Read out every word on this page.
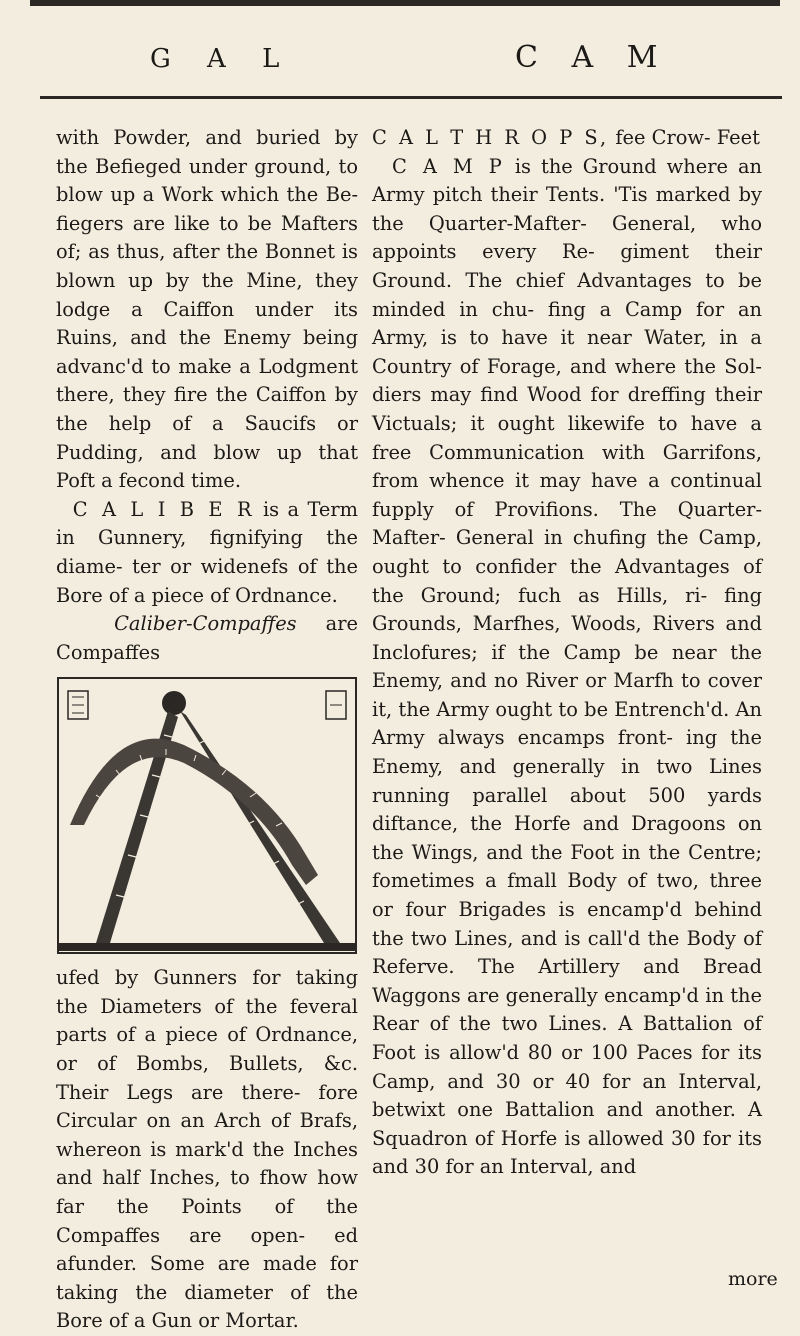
G A L	C A M

with Powder, and buried by the Befieged under ground, to blow up a Work which the Be- fiegers are like to be Mafters of; as thus, after the Bonnet is blown up by the Mine, they lodge a Caiffon under its Ruins, and the Enemy being advanc'd to make a Lodgment there, they fire the Caiffon by the help of a Saucifs or Pudding, and blow up that Poft a fecond time.

C A L I B E R is a Term in Gunnery, fignifying the diame- ter or widenefs of the Bore of a piece of Ordnance.

Caliber-Compaffes are Compaffes

ufed by Gunners for taking the Diameters of the feveral parts of a piece of Ordnance, or of Bombs, Bullets, &c. Their Legs are there- fore Circular on an Arch of Brafs, whereon is mark'd the Inches and half Inches, to fhow how far the Points of the Compaffes are open- ed afunder. Some are made for taking the diameter of the Bore of a Gun or Mortar.

C A L T H R O P S, fee Crow- Feet

C A M P is the Ground where an Army pitch their Tents. 'Tis marked by the Quarter-Mafter- General, who appoints every Re- giment their Ground. The chief Advantages to be minded in chu- fing a Camp for an Army, is to have it near Water, in a Country of Forage, and where the Sol- diers may find Wood for dreffing their Victuals; it ought likewife to have a free Communication with Garrifons, from whence it may have a continual fupply of Provifions. The Quarter-Mafter- General in chufing the Camp, ought to confider the Advantages of the Ground; fuch as Hills, ri- fing Grounds, Marfhes, Woods, Rivers and Inclofures; if the Camp be near the Enemy, and no River or Marfh to cover it, the Army ought to be Entrench'd. An Army always encamps front- ing the Enemy, and generally in two Lines running parallel about 500 yards diftance, the Horfe and Dragoons on the Wings, and the Foot in the Centre; fometimes a fmall Body of two, three or four Brigades is encamp'd behind the two Lines, and is call'd the Body of Referve. The Artillery and Bread Waggons are generally encamp'd in the Rear of the two Lines. A Battalion of Foot is allow'd 80 or 100 Paces for its Camp, and 30 or 40 for an Interval, betwixt one Battalion and another. A Squadron of Horfe is allowed 30 for its and 30 for an Interval, and

more
